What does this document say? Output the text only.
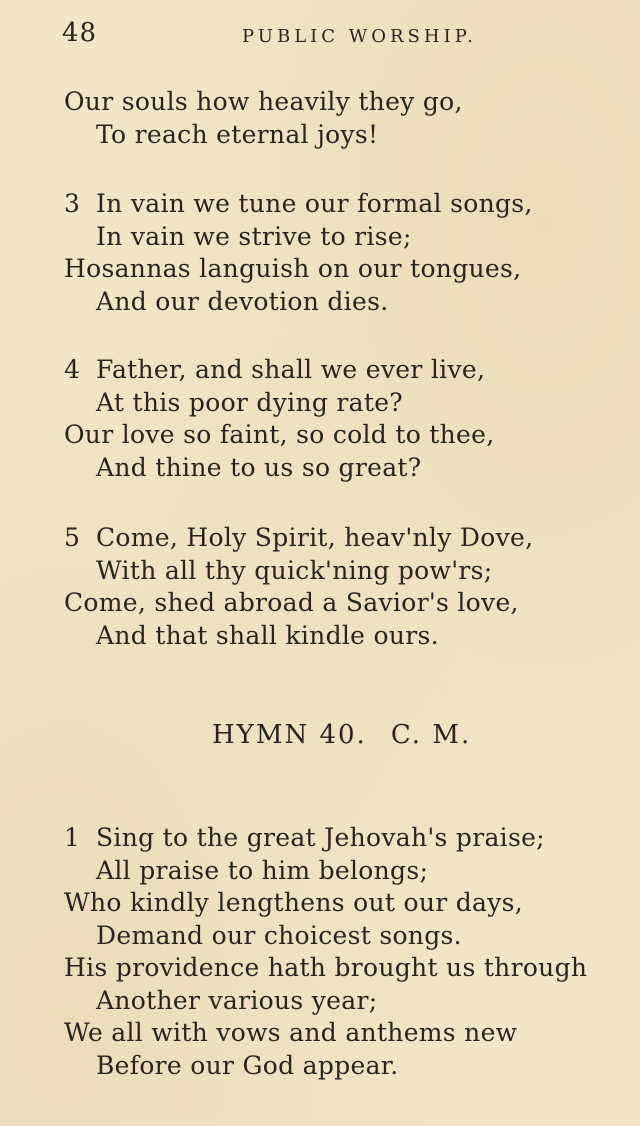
48	PUBLIC WORSHIP.
Our souls how heavily they go,
To reach eternal joys!
3 In vain we tune our formal songs,
In vain we strive to rise;
Hosannas languish on our tongues,
And our devotion dies.
4 Father, and shall we ever live,
At this poor dying rate?
Our love so faint, so cold to thee,
And thine to us so great?
5 Come, Holy Spirit, heav'nly Dove,
With all thy quick'ning pow'rs;
Come, shed abroad a Savior's love,
And that shall kindle ours.
HYMN 40. C. M.
1 Sing to the great Jehovah's praise;
All praise to him belongs;
Who kindly lengthens out our days,
Demand our choicest songs.
His providence hath brought us through
Another various year;
We all with vows and anthems new
Before our God appear.
